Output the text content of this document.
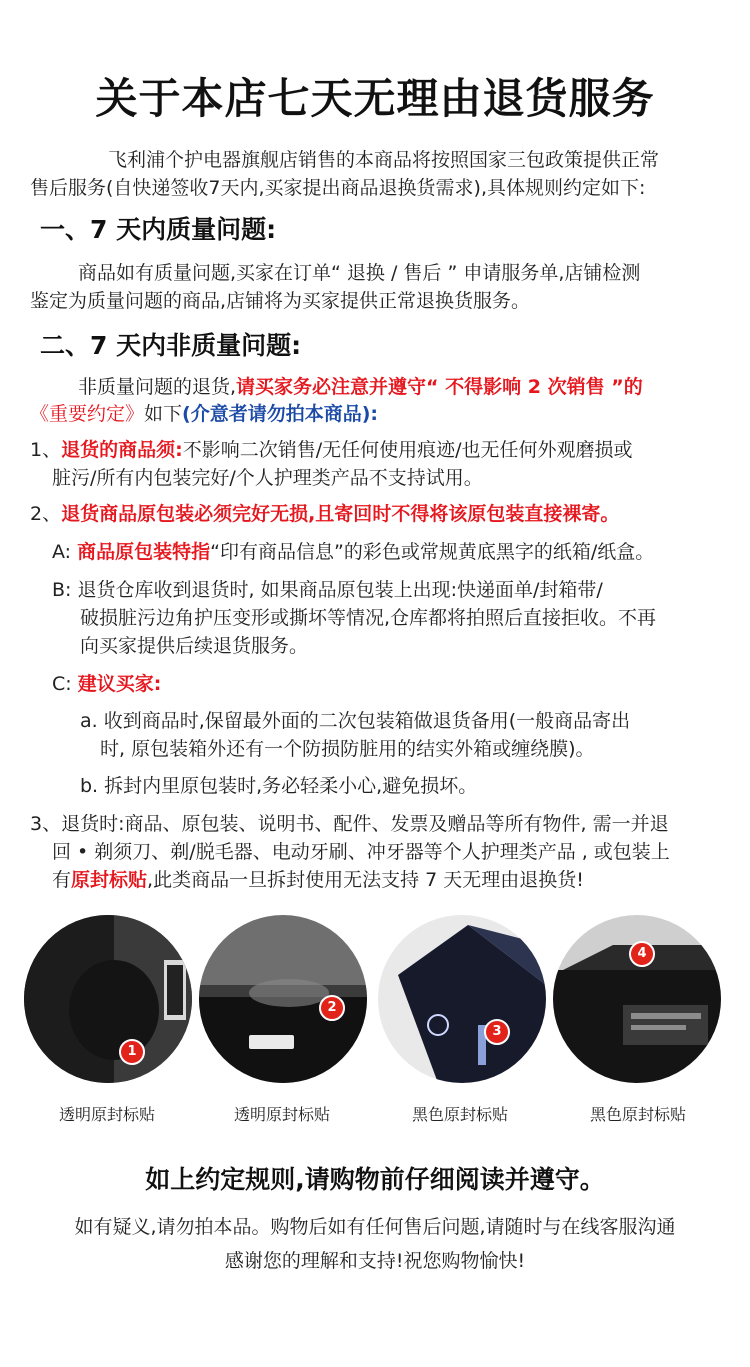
关于本店七天无理由退货服务
飞利浦个护电器旗舰店销售的本商品将按照国家三包政策提供正常
售后服务(自快递签收7天内,买家提出商品退换货需求),具体规则约定如下:
一、7 天内质量问题:
商品如有质量问题,买家在订单“ 退换 / 售后 ” 申请服务单,店铺检测
鉴定为质量问题的商品,店铺将为买家提供正常退换货服务。
二、7 天内非质量问题:
非质量问题的退货,请买家务必注意并遵守“ 不得影响 2 次销售 ”的
《重要约定》如下(介意者请勿拍本商品):
1、退货的商品须:不影响二次销售/无任何使用痕迹/也无任何外观磨损或
脏污/所有内包装完好/个人护理类产品不支持试用。
2、退货商品原包装必须完好无损,且寄回时不得将该原包装直接裸寄。
A: 商品原包装特指“印有商品信息”的彩色或常规黄底黑字的纸箱/纸盒。
B: 退货仓库收到退货时, 如果商品原包装上出现:快递面单/封箱带/
破损脏污边角护压变形或撕坏等情况,仓库都将拍照后直接拒收。不再
向买家提供后续退货服务。
C: 建议买家:
a. 收到商品时,保留最外面的二次包装箱做退货备用(一般商品寄出
时, 原包装箱外还有一个防损防脏用的结实外箱或缠绕膜)。
b. 拆封内里原包装时,务必轻柔小心,避免损坏。
3、退货时:商品、原包装、说明书、配件、发票及赠品等所有物件, 需一并退
回 • 剃须刀、剃/脱毛器、电动牙刷、冲牙器等个人护理类产品 , 或包装上
有原封标贴,此类商品一旦拆封使用无法支持 7 天无理由退换货!
1
2
3
4
透明原封标贴	透明原封标贴	黑色原封标贴	黑色原封标贴
如上约定规则,请购物前仔细阅读并遵守。
如有疑义,请勿拍本品。购物后如有任何售后问题,请随时与在线客服沟通
感谢您的理解和支持!祝您购物愉快!
